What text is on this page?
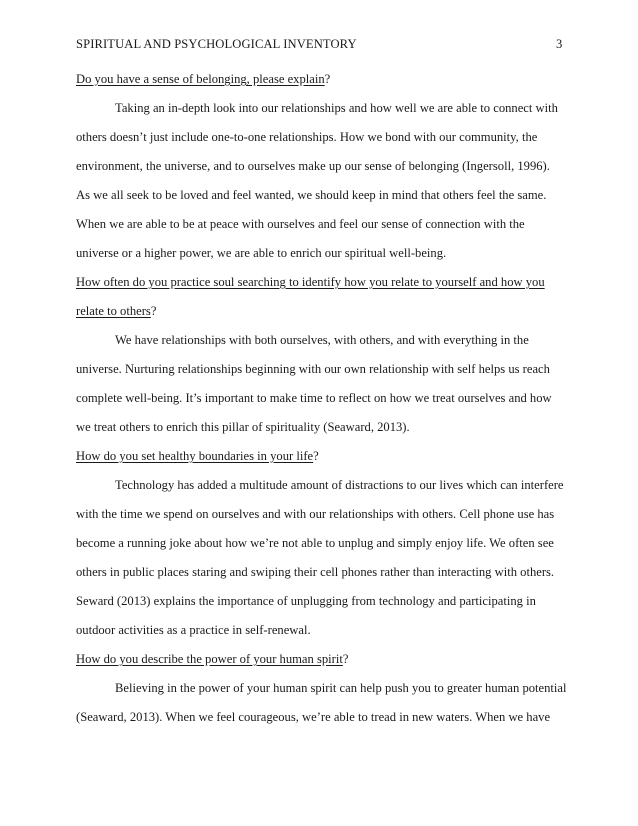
SPIRITUAL AND PSYCHOLOGICAL INVENTORY	3
Do you have a sense of belonging, please explain?
Taking an in-depth look into our relationships and how well we are able to connect with
others doesn’t just include one-to-one relationships. How we bond with our community, the
environment, the universe, and to ourselves make up our sense of belonging (Ingersoll, 1996).
As we all seek to be loved and feel wanted, we should keep in mind that others feel the same.
When we are able to be at peace with ourselves and feel our sense of connection with the
universe or a higher power, we are able to enrich our spiritual well-being.
How often do you practice soul searching to identify how you relate to yourself and how you
relate to others?
We have relationships with both ourselves, with others, and with everything in the
universe. Nurturing relationships beginning with our own relationship with self helps us reach
complete well-being. It’s important to make time to reflect on how we treat ourselves and how
we treat others to enrich this pillar of spirituality (Seaward, 2013).
How do you set healthy boundaries in your life?
Technology has added a multitude amount of distractions to our lives which can interfere
with the time we spend on ourselves and with our relationships with others. Cell phone use has
become a running joke about how we’re not able to unplug and simply enjoy life. We often see
others in public places staring and swiping their cell phones rather than interacting with others.
Seward (2013) explains the importance of unplugging from technology and participating in
outdoor activities as a practice in self-renewal.
How do you describe the power of your human spirit?
Believing in the power of your human spirit can help push you to greater human potential
(Seaward, 2013). When we feel courageous, we’re able to tread in new waters. When we have
